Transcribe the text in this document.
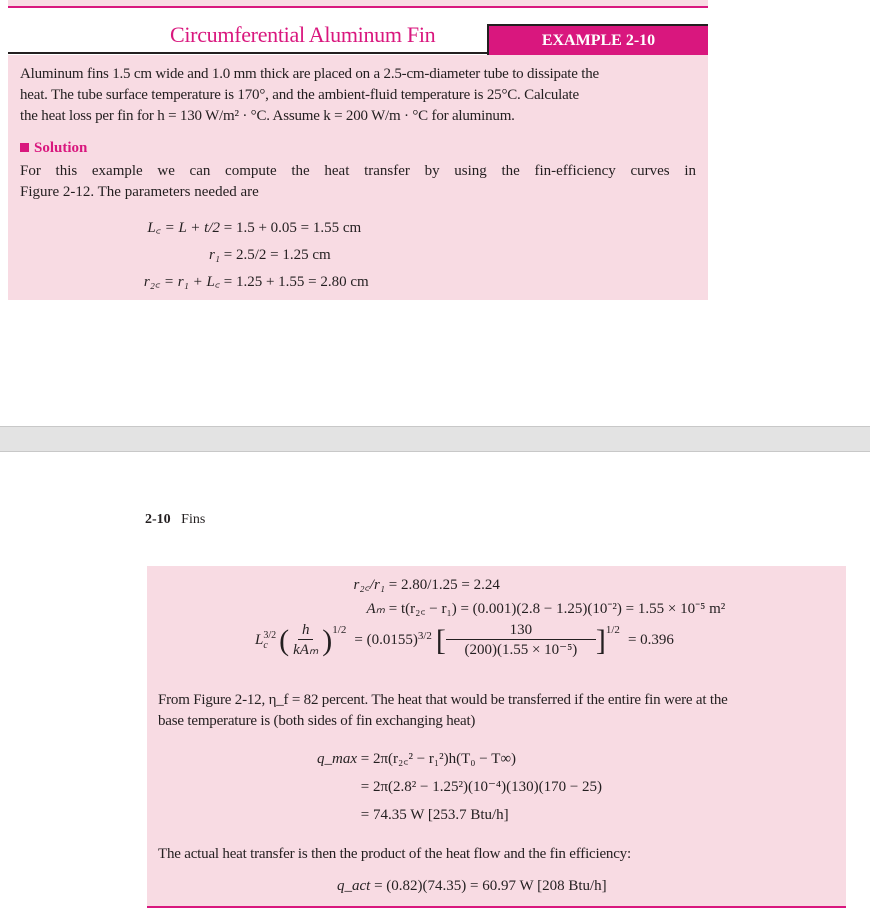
Circumferential Aluminum Fin	EXAMPLE 2-10
Aluminum fins 1.5 cm wide and 1.0 mm thick are placed on a 2.5-cm-diameter tube to dissipate the
heat. The tube surface temperature is 170°, and the ambient-fluid temperature is 25°C. Calculate
the heat loss per fin for h = 130 W/m² · °C. Assume k = 200 W/m · °C for aluminum.
Solution
For this example we can compute the heat transfer by using the fin-efficiency curves in
Figure 2-12. The parameters needed are
L꜀ = L + t/2 = 1.5 + 0.05 = 1.55 cm
r₁ = 2.5/2 = 1.25 cm
r₂꜀ = r₁ + L꜀ = 1.25 + 1.55 = 2.80 cm
2-10 Fins
r₂꜀/r₁ = 2.80/1.25 = 2.24
Aₘ = t(r₂꜀ − r₁) = (0.001)(2.8 − 1.25)(10⁻²) = 1.55 × 10⁻⁵ m²
L 3/2
c ( $\frac{h}{\text{kAₘ}}$ ) 1/2
= (0.0155) 3/2 [ $\frac{130}{\text{(200)(1.55 × 10⁻⁵)}}$ ] 1/2
= 0.396
From Figure 2-12, η_f = 82 percent. The heat that would be transferred if the entire fin were at the
base temperature is (both sides of fin exchanging heat)
q_max = 2π(r₂꜀² − r₁²)h(T₀ − T∞)
= 2π(2.8² − 1.25²)(10⁻⁴)(130)(170 − 25)
= 74.35 W [253.7 Btu/h]
The actual heat transfer is then the product of the heat flow and the fin efficiency:
q_act = (0.82)(74.35) = 60.97 W [208 Btu/h]
